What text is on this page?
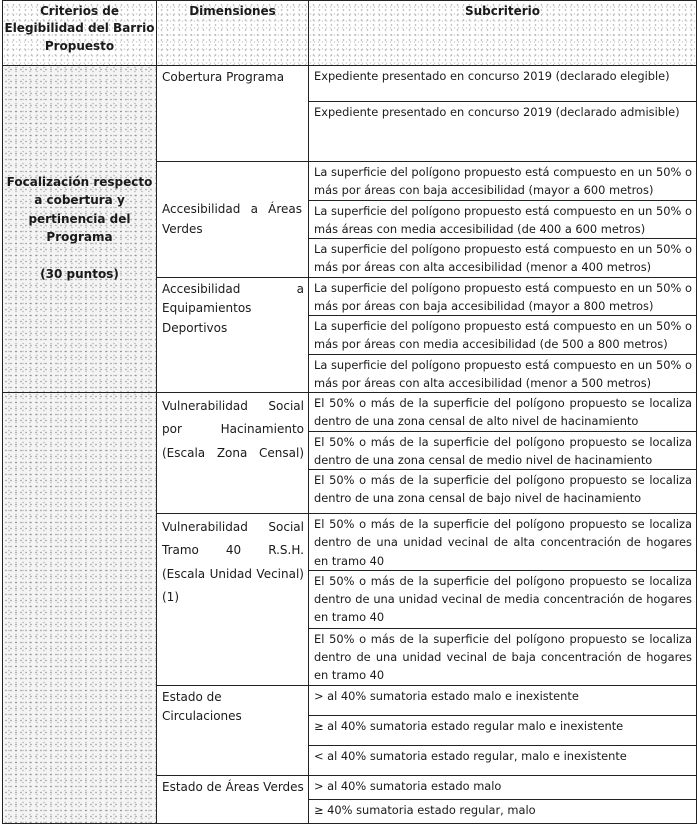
Criterios de Elegibilidad del Barrio Propuesto	Dimensiones	Subcriterio

Focalización respecto
a cobertura y
pertinencia del
Programa
(30 puntos)	Cobertura Programa	Expediente presentado en concurso 2019 (declarado elegible)
		Expediente presentado en concurso 2019 (declarado admisible)
	Accesibilidad a Áreas Verdes	La superficie del polígono propuesto está compuesto en un 50% o más por áreas con baja accesibilidad (mayor a 600 metros)
		La superficie del polígono propuesto está compuesto en un 50% o más áreas con media accesibilidad (de 400 a 600 metros)
		La superficie del polígono propuesto está compuesto en un 50% o más por áreas con alta accesibilidad (menor a 400 metros)
	Accesibilidad a Equipamientos Deportivos	La superficie del polígono propuesto está compuesto en un 50% o más por áreas con baja accesibilidad (mayor a 800 metros)
		La superficie del polígono propuesto está compuesto en un 50% o más por áreas con media accesibilidad (de 500 a 800 metros)
		La superficie del polígono propuesto está compuesto en un 50% o más por áreas con alta accesibilidad (menor a 500 metros)
	Vulnerabilidad Social por Hacinamiento (Escala Zona Censal)	El 50% o más de la superficie del polígono propuesto se localiza dentro de una zona censal de alto nivel de hacinamiento
		El 50% o más de la superficie del polígono propuesto se localiza dentro de una zona censal de medio nivel de hacinamiento
		El 50% o más de la superficie del polígono propuesto se localiza dentro de una zona censal de bajo nivel de hacinamiento
	Vulnerabilidad Social Tramo 40 R.S.H. (Escala Unidad Vecinal) (1)	El 50% o más de la superficie del polígono propuesto se localiza dentro de una unidad vecinal de alta concentración de hogares en tramo 40
		El 50% o más de la superficie del polígono propuesto se localiza dentro de una unidad vecinal de media concentración de hogares en tramo 40
		El 50% o más de la superficie del polígono propuesto se localiza dentro de una unidad vecinal de baja concentración de hogares en tramo 40
	Estado de Circulaciones	> al 40% sumatoria estado malo e inexistente
		≥ al 40% sumatoria estado regular malo e inexistente
		< al 40% sumatoria estado regular, malo e inexistente
	Estado de Áreas Verdes	> al 40% sumatoria estado malo
		≥ 40% sumatoria estado regular, malo
